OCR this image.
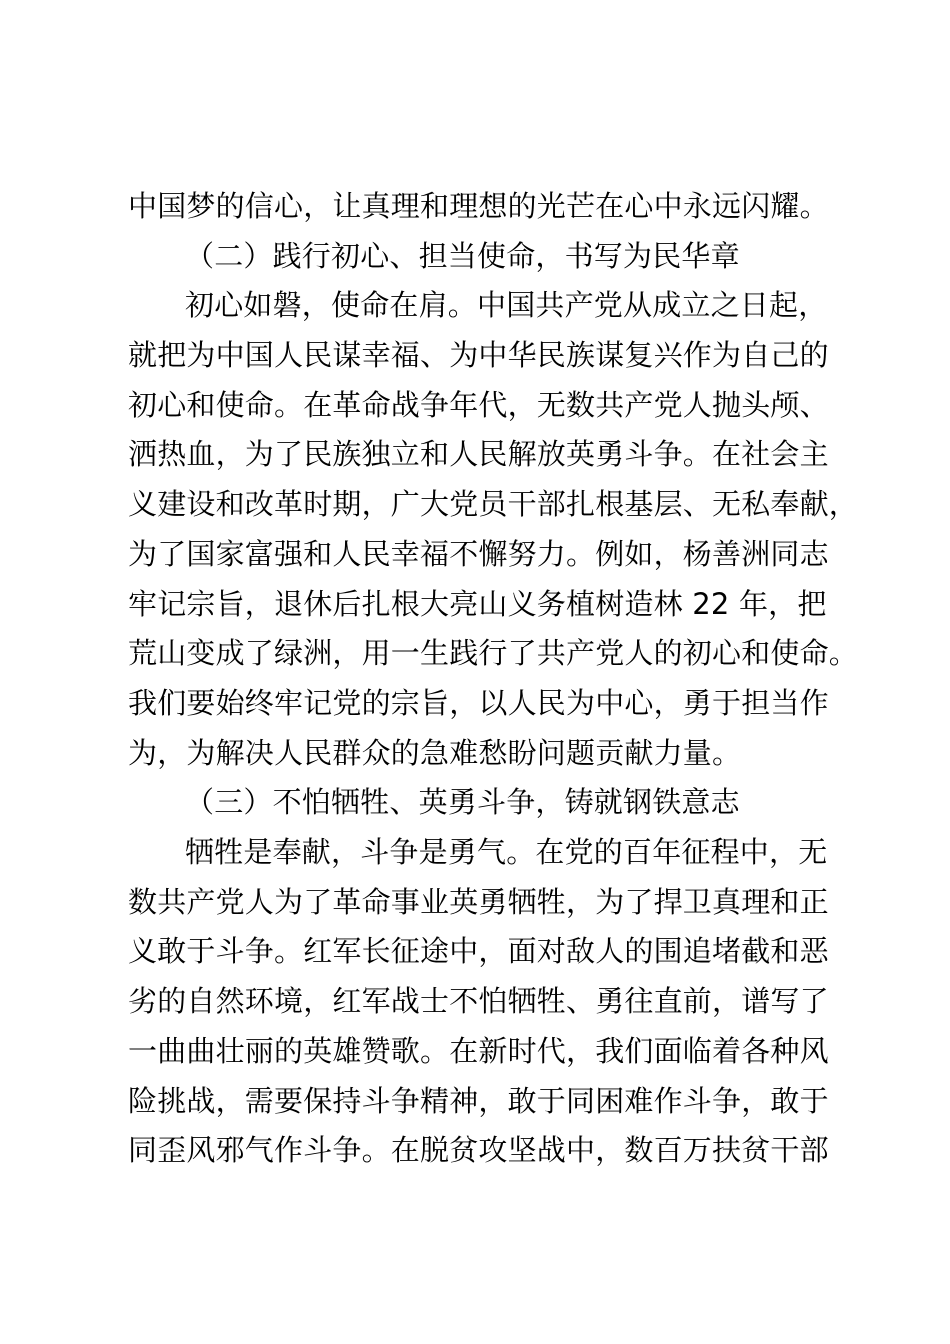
中国梦的信心，让真理和理想的光芒在心中永远闪耀。
（二）践行初心、担当使命，书写为民华章
初心如磐，使命在肩。中国共产党从成立之日起，
就把为中国人民谋幸福、为中华民族谋复兴作为自己的
初心和使命。在革命战争年代，无数共产党人抛头颅、
洒热血，为了民族独立和人民解放英勇斗争。在社会主
义建设和改革时期，广大党员干部扎根基层、无私奉献，
为了国家富强和人民幸福不懈努力。例如，杨善洲同志
牢记宗旨，退休后扎根大亮山义务植树造林 22 年，把
荒山变成了绿洲，用一生践行了共产党人的初心和使命。
我们要始终牢记党的宗旨，以人民为中心，勇于担当作
为，为解决人民群众的急难愁盼问题贡献力量。
（三）不怕牺牲、英勇斗争，铸就钢铁意志
牺牲是奉献，斗争是勇气。在党的百年征程中，无
数共产党人为了革命事业英勇牺牲，为了捍卫真理和正
义敢于斗争。红军长征途中，面对敌人的围追堵截和恶
劣的自然环境，红军战士不怕牺牲、勇往直前，谱写了
一曲曲壮丽的英雄赞歌。在新时代，我们面临着各种风
险挑战，需要保持斗争精神，敢于同困难作斗争，敢于
同歪风邪气作斗争。在脱贫攻坚战中，数百万扶贫干部
